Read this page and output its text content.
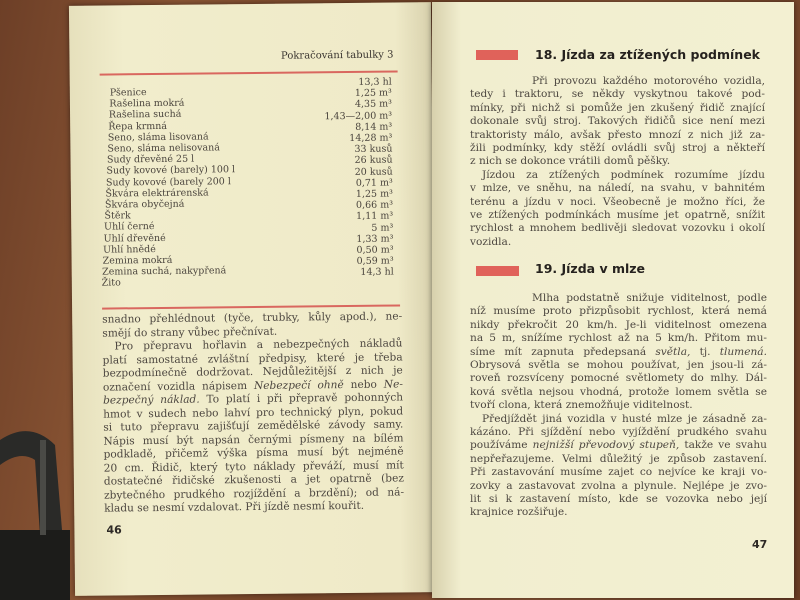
Pokračování tabulky 3
Pšenice
13,3 hl
Rašelina mokrá
1,25 m³
Rašelina suchá
4,35 m³
Řepa krmná
1,43—2,00 m³
Seno, sláma lisovaná
8,14 m³
Seno, sláma nelisovaná
14,28 m³
Sudy dřevěné 25 l
33 kusů
Sudy kovové (barely) 100 l
26 kusů
Sudy kovové (barely 200 l
20 kusů
Škvára elektrárenská
0,71 m³
Škvára obyčejná
1,25 m³
Štěrk
0,66 m³
Uhlí černé
1,11 m³
Uhlí dřevěné
5 m³
Uhlí hnědé
1,33 m³
Zemina mokrá
0,50 m³
Zemina suchá, nakypřená
0,59 m³
Žito
14,3 hl
snadno přehlédnout (tyče, trubky, kůly apod.), ne-
smějí do strany vůbec přečnívat.
Pro přepravu hořlavin a nebezpečných nákladů
platí samostatné zvláštní předpisy, které je třeba
bezpodmínečně dodržovat. Nejdůležitější z nich je
označení vozidla nápisem Nebezpečí ohně nebo Ne-
bezpečný náklad. To platí i při přepravě pohonných
hmot v sudech nebo lahví pro technický plyn, pokud
si tuto přepravu zajišťují zemědělské závody samy.
Nápis musí být napsán černými písmeny na bílém
podkladě, přičemž výška písma musí být nejméně
20 cm. Řidič, který tyto náklady převáží, musí mít
dostatečné řidičské zkušenosti a jet opatrně (bez
zbytečného prudkého rozjíždění a brzdění); od ná-
kladu se nesmí vzdalovat. Při jízdě nesmí kouřit.
46
18. Jízda za ztížených podmínek
Při provozu každého motorového vozidla,
tedy i traktoru, se někdy vyskytnou takové pod-
mínky, při nichž si pomůže jen zkušený řidič znající
dokonale svůj stroj. Takových řidičů sice není mezi
traktoristy málo, avšak přesto mnozí z nich již za-
žili podmínky, kdy stěží ovládli svůj stroj a někteří
z nich se dokonce vrátili domů pěšky.
Jízdou za ztížených podmínek rozumíme jízdu
v mlze, ve sněhu, na náledí, na svahu, v bahnitém
terénu a jízdu v noci. Všeobecně je možno říci, že
ve ztížených podmínkách musíme jet opatrně, snížit
rychlost a mnohem bedlivěji sledovat vozovku i okolí
vozidla.
19. Jízda v mlze
Mlha podstatně snižuje viditelnost, podle
níž musíme proto přizpůsobit rychlost, která nemá
nikdy překročit 20 km/h. Je-li viditelnost omezena
na 5 m, snížíme rychlost až na 5 km/h. Přitom mu-
síme mít zapnuta předepsaná světla, tj. tlumená.
Obrysová světla se mohou používat, jen jsou-li zá-
roveň rozsvíceny pomocné světlomety do mlhy. Dál-
ková světla nejsou vhodná, protože lomem světla se
tvoří clona, která znemožňuje viditelnost.
Předjíždět jiná vozidla v husté mlze je zásadně za-
kázáno. Při sjíždění nebo vyjíždění prudkého svahu
používáme nejnižší převodový stupeň, takže ve svahu
nepřeřazujeme. Velmi důležitý je způsob zastavení.
Při zastavování musíme zajet co nejvíce ke kraji vo-
zovky a zastavovat zvolna a plynule. Nejlépe je zvo-
lit si k zastavení místo, kde se vozovka nebo její
krajnice rozšiřuje.
47
